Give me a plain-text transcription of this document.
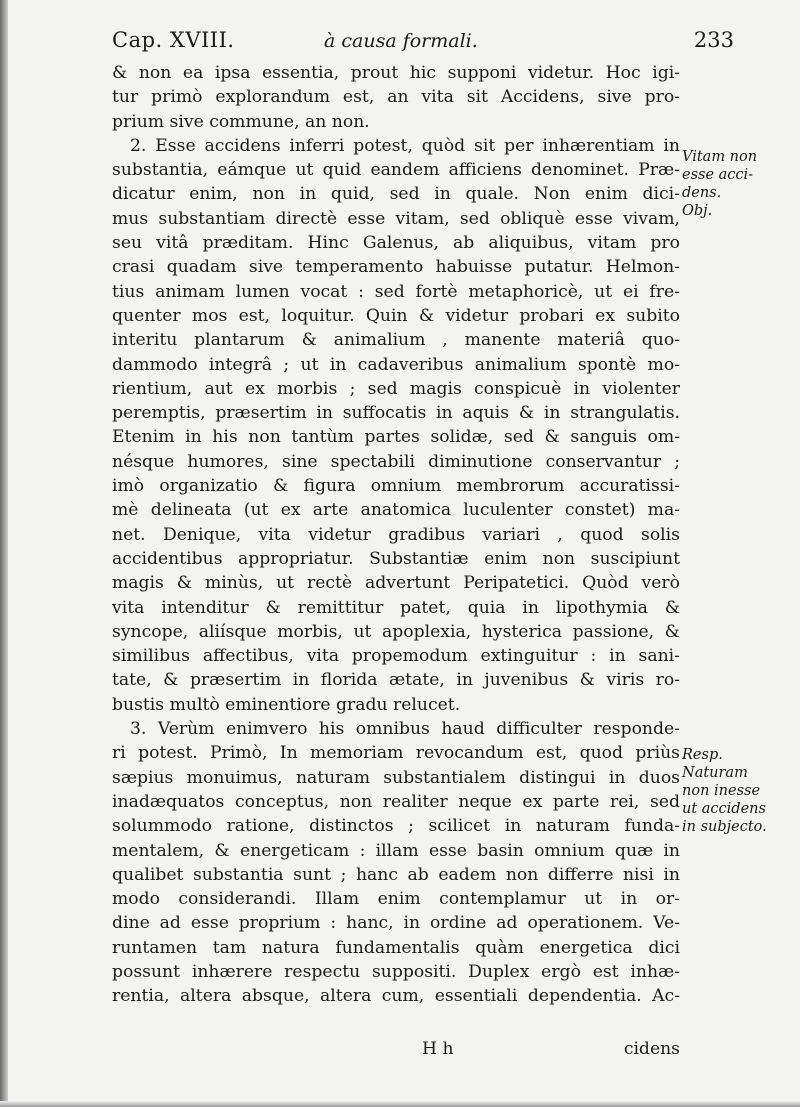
Cap. XVIII.	à causa formali.	233
& non ea ipsa essentia, prout hic supponi videtur. Hoc igi-
tur primò explorandum est, an vita sit Accidens, sive pro-
prium sive commune, an non.
2. Esse accidens inferri potest, quòd sit per inhærentiam in
substantia, eámque ut quid eandem afficiens denominet. Præ-
dicatur enim, non in quid, sed in quale. Non enim dici-
mus substantiam directè esse vitam, sed obliquè esse vivam,
seu vitâ præditam. Hinc Galenus, ab aliquibus, vitam pro
crasi quadam sive temperamento habuisse putatur. Helmon-
tius animam lumen vocat : sed fortè metaphoricè, ut ei fre-
quenter mos est, loquitur. Quin & videtur probari ex subito
interitu plantarum & animalium , manente materiâ quo-
dammodo integrâ ; ut in cadaveribus animalium spontè mo-
rientium, aut ex morbis ; sed magis conspicuè in violenter
peremptis, præsertim in suffocatis in aquis & in strangulatis.
Etenim in his non tantùm partes solidæ, sed & sanguis om-
nésque humores, sine spectabili diminutione conservantur ;
imò organizatio & figura omnium membrorum accuratissi-
mè delineata (ut ex arte anatomica luculenter constet) ma-
net. Denique, vita videtur gradibus variari , quod solis
accidentibus appropriatur. Substantiæ enim non suscipiunt
magis & minùs, ut rectè advertunt Peripatetici. Quòd verò
vita intenditur & remittitur patet, quia in lipothymia &
syncope, aliísque morbis, ut apoplexia, hysterica passione, &
similibus affectibus, vita propemodum extinguitur : in sani-
tate, & præsertim in florida ætate, in juvenibus & viris ro-
bustis multò eminentiore gradu relucet.
3. Verùm enimvero his omnibus haud difficulter responde-
ri potest. Primò, In memoriam revocandum est, quod priùs
sæpius monuimus, naturam substantialem distingui in duos
inadæquatos conceptus, non realiter neque ex parte rei, sed
solummodo ratione, distinctos ; scilicet in naturam funda-
mentalem, & energeticam : illam esse basin omnium quæ in
qualibet substantia sunt ; hanc ab eadem non differre nisi in
modo considerandi. Illam enim contemplamur ut in or-
dine ad esse proprium : hanc, in ordine ad operationem. Ve-
runtamen tam natura fundamentalis quàm energetica dici
possunt inhærere respectu suppositi. Duplex ergò est inhæ-
rentia, altera absque, altera cum, essentiali dependentia. Ac-
Vitam non
esse acci-
dens.
Obj.
Resp.
Naturam
non inesse
ut accidens
in subjecto.
H h	cidens
